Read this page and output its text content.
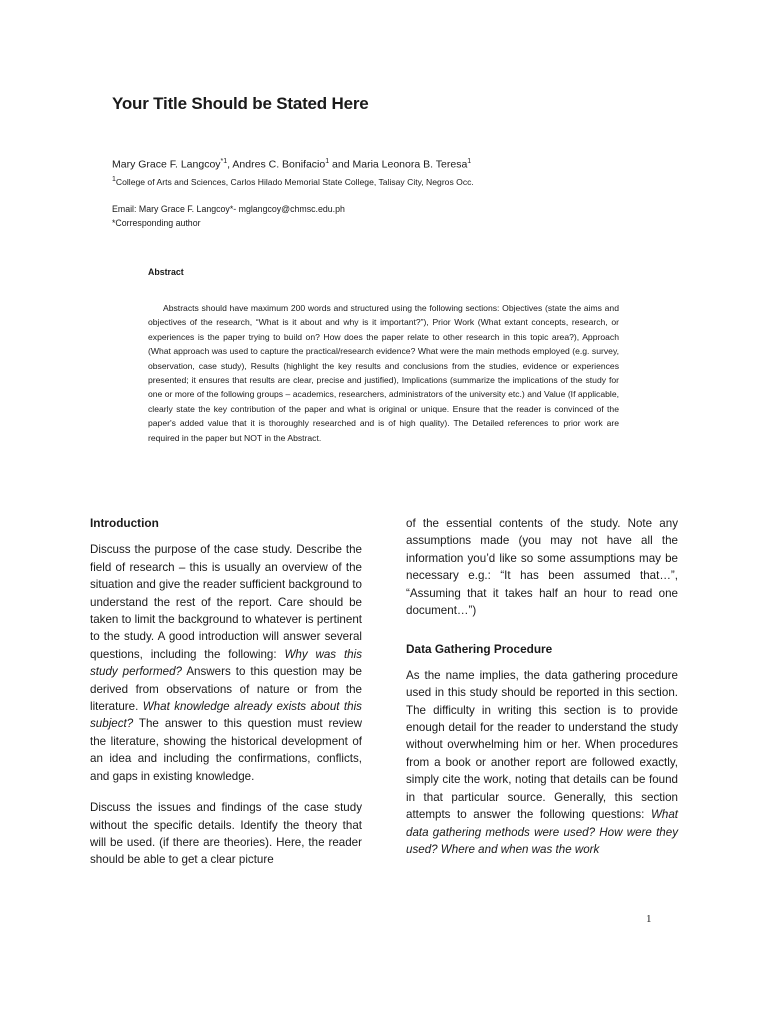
Your Title Should be Stated Here
Mary Grace F. Langcoy$^{*1}$, Andres C. Bonifacio$^1$ and Maria Leonora B. Teresa$^1$
$^1$College of Arts and Sciences, Carlos Hilado Memorial State College, Talisay City, Negros Occ.
Email: Mary Grace F. Langcoy*- mglangcoy@chmsc.edu.ph
*Corresponding author
Abstract

Abstracts should have maximum 200 words and structured using the following sections: Objectives (state the aims and objectives of the research, “What is it about and why is it important?”), Prior Work (What extant concepts, research, or experiences is the paper trying to build on? How does the paper relate to other research in this topic area?), Approach (What approach was used to capture the practical/research evidence? What were the main methods employed (e.g. survey, observation, case study), Results (highlight the key results and conclusions from the studies, evidence or experiences presented; it ensures that results are clear, precise and justified), Implications (summarize the implications of the study for one or more of the following groups – academics, researchers, administrators of the university etc.) and Value (If applicable, clearly state the key contribution of the paper and what is original or unique. Ensure that the reader is convinced of the paper's added value that it is thoroughly researched and is of high quality). The Detailed references to prior work are required in the paper but NOT in the Abstract.

Introduction

Discuss the purpose of the case study. Describe the field of research – this is usually an overview of the situation and give the reader sufficient background to understand the rest of the report. Care should be taken to limit the background to whatever is pertinent to the study. A good introduction will answer several questions, including the following: Why was this study performed? Answers to this question may be derived from observations of nature or from the literature. What knowledge already exists about this subject? The answer to this question must review the literature, showing the historical development of an idea and including the confirmations, conflicts, and gaps in existing knowledge.

Discuss the issues and findings of the case study without the specific details. Identify the theory that will be used. (if there are theories). Here, the reader should be able to get a clear picture

of the essential contents of the study. Note any assumptions made (you may not have all the information you’d like so some assumptions may be necessary e.g.: “It has been assumed that…”, “Assuming that it takes half an hour to read one document…”)

Data Gathering Procedure

As the name implies, the data gathering procedure used in this study should be reported in this section. The difficulty in writing this section is to provide enough detail for the reader to understand the study without overwhelming him or her. When procedures from a book or another report are followed exactly, simply cite the work, noting that details can be found in that particular source. Generally, this section attempts to answer the following questions: What data gathering methods were used? How were they used? Where and when was the work

1
